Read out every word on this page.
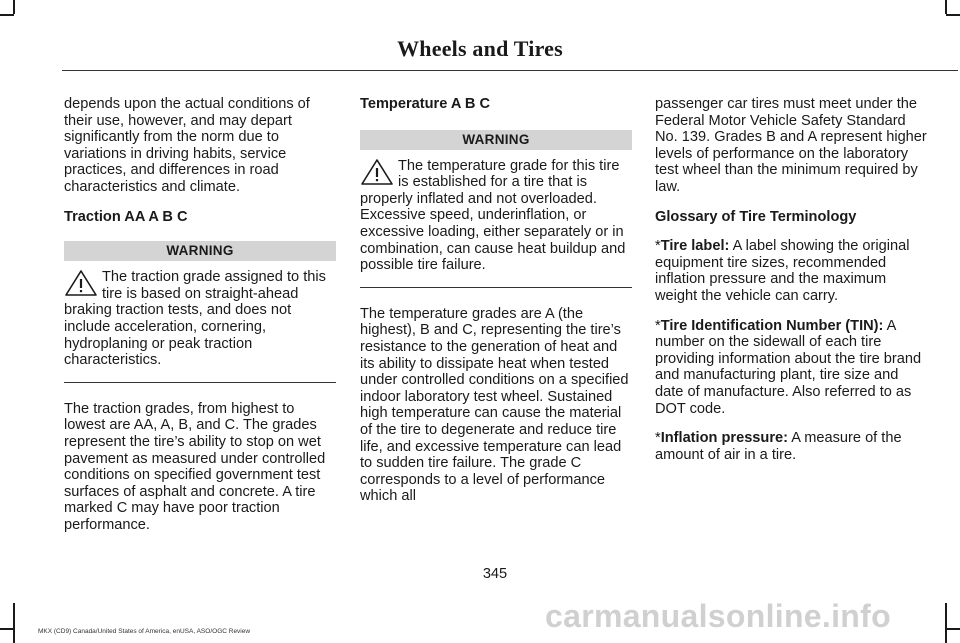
Wheels and Tires

depends upon the actual conditions of their use, however, and may depart significantly from the norm due to variations in driving habits, service practices, and differences in road characteristics and climate.

Traction AA A B C

WARNING

The traction grade assigned to this tire is based on straight-ahead braking traction tests, and does not include acceleration, cornering, hydroplaning or peak traction characteristics.

The traction grades, from highest to lowest are AA, A, B, and C. The grades represent the tire’s ability to stop on wet pavement as measured under controlled conditions on specified government test surfaces of asphalt and concrete. A tire marked C may have poor traction performance.

Temperature A B C

WARNING

The temperature grade for this tire is established for a tire that is properly inflated and not overloaded. Excessive speed, underinflation, or excessive loading, either separately or in combination, can cause heat buildup and possible tire failure.

The temperature grades are A (the highest), B and C, representing the tire’s resistance to the generation of heat and its ability to dissipate heat when tested under controlled conditions on a specified indoor laboratory test wheel. Sustained high temperature can cause the material of the tire to degenerate and reduce tire life, and excessive temperature can lead to sudden tire failure. The grade C corresponds to a level of performance which all

passenger car tires must meet under the Federal Motor Vehicle Safety Standard No. 139. Grades B and A represent higher levels of performance on the laboratory test wheel than the minimum required by law.

Glossary of Tire Terminology

*Tire label: A label showing the original equipment tire sizes, recommended inflation pressure and the maximum weight the vehicle can carry.

*Tire Identification Number (TIN): A number on the sidewall of each tire providing information about the tire brand and manufacturing plant, tire size and date of manufacture. Also referred to as DOT code.

*Inflation pressure: A measure of the amount of air in a tire.

345
MKX (CD9) Canada/United States of America, enUSA, ASO/OGC Review	carmanualsonline.info
